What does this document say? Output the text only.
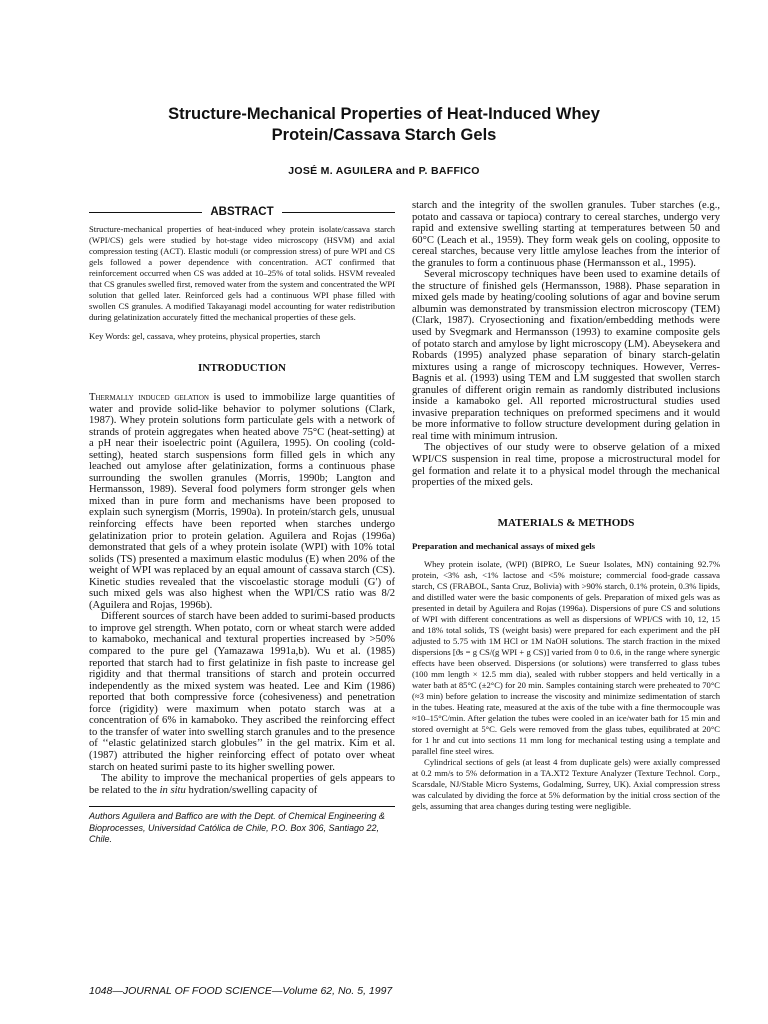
Structure-Mechanical Properties of Heat-Induced Whey
Protein/Cassava Starch Gels
JOSÉ M. AGUILERA and P. BAFFICO
ABSTRACT

Structure-mechanical properties of heat-induced whey protein isolate/cassava starch (WPI/CS) gels were studied by hot-stage video microscopy (HSVM) and axial compression testing (ACT). Elastic moduli (or compression stress) of pure WPI and CS gels followed a power dependence with concentration. ACT confirmed that reinforcement occurred when CS was added at 10–25% of total solids. HSVM revealed that CS granules swelled first, removed water from the system and concentrated the WPI solution that gelled later. Reinforced gels had a continuous WPI phase filled with swollen CS granules. A modified Takayanagi model accounting for water redistribution during gelatinization accurately fitted the mechanical properties of these gels.

Key Words: gel, cassava, whey proteins, physical properties, starch

INTRODUCTION

Thermally induced gelation is used to immobilize large quantities of water and provide solid-like behavior to polymer solutions (Clark, 1987). Whey protein solutions form particulate gels with a network of strands of protein aggregates when heated above 75°C (heat-setting) at a pH near their isoelectric point (Aguilera, 1995). On cooling (cold-setting), heated starch suspensions form filled gels in which any leached out amylose after gelatinization, forms a continuous phase surrounding the swollen granules (Morris, 1990b; Langton and Hermansson, 1989). Several food polymers form stronger gels when mixed than in pure form and mechanisms have been proposed to explain such synergism (Morris, 1990a). In protein/starch gels, unusual reinforcing effects have been reported when starches undergo gelatinization prior to protein gelation. Aguilera and Rojas (1996a) demonstrated that gels of a whey protein isolate (WPI) with 10% total solids (TS) presented a maximum elastic modulus (E) when 20% of the weight of WPI was replaced by an equal amount of cassava starch (CS). Kinetic studies revealed that the viscoelastic storage moduli (G′) of such mixed gels was also highest when the WPI/CS ratio was 8/2 (Aguilera and Rojas, 1996b).

Different sources of starch have been added to surimi-based products to improve gel strength. When potato, corn or wheat starch were added to kamaboko, mechanical and textural properties increased by >50% compared to the pure gel (Yamazawa 1991a,b). Wu et al. (1985) reported that starch had to first gelatinize in fish paste to increase gel rigidity and that thermal transitions of starch and protein occurred independently as the mixed system was heated. Lee and Kim (1986) reported that both compressive force (cohesiveness) and penetration force (rigidity) were maximum when potato starch was at a concentration of 6% in kamaboko. They ascribed the reinforcing effect to the transfer of water into swelling starch granules and to the presence of ‘‘elastic gelatinized starch globules’’ in the gel matrix. Kim et al. (1987) attributed the higher reinforcing effect of potato over wheat starch on heated surimi paste to its higher swelling power.

The ability to improve the mechanical properties of gels appears to be related to the in situ hydration/swelling capacity of

Authors Aguilera and Baffico are with the Dept. of Chemical Engineering & Bioprocesses, Universidad Católica de Chile, P.O. Box 306, Santiago 22, Chile.

starch and the integrity of the swollen granules. Tuber starches (e.g., potato and cassava or tapioca) contrary to cereal starches, undergo very rapid and extensive swelling starting at temperatures between 50 and 60°C (Leach et al., 1959). They form weak gels on cooling, opposite to cereal starches, because very little amylose leaches from the interior of the granules to form a continuous phase (Hermansson et al., 1995).

Several microscopy techniques have been used to examine details of the structure of finished gels (Hermansson, 1988). Phase separation in mixed gels made by heating/cooling solutions of agar and bovine serum albumin was demonstrated by transmission electron microscopy (TEM) (Clark, 1987). Cryosectioning and fixation/embedding methods were used by Svegmark and Hermansson (1993) to examine composite gels of potato starch and amylose by light microscopy (LM). Abeysekera and Robards (1995) analyzed phase separation of binary starch-gelatin mixtures using a range of microscopy techniques. However, Verres-Bagnis et al. (1993) using TEM and LM suggested that swollen starch granules of different origin remain as randomly distributed inclusions inside a kamaboko gel. All reported microstructural studies used invasive preparation techniques on preformed specimens and it would be more informative to follow structure development during gelation in real time with minimum intrusion.

The objectives of our study were to observe gelation of a mixed WPI/CS suspension in real time, propose a microstructural model for gel formation and relate it to a physical model through the mechanical properties of the mixed gels.

MATERIALS & METHODS
Preparation and mechanical assays of mixed gels

Whey protein isolate, (WPI) (BIPRO, Le Sueur Isolates, MN) containing 92.7% protein, <3% ash, <1% lactose and <5% moisture; commercial food-grade cassava starch, CS (FRABOL, Santa Cruz, Bolivia) with >90% starch, 0.1% protein, 0.3% lipids, and distilled water were the basic components of gels. Preparation of mixed gels was as presented in detail by Aguilera and Rojas (1996a). Dispersions of pure CS and solutions of WPI with different concentrations as well as dispersions of WPI/CS with 10, 12, 15 and 18% total solids, TS (weight basis) were prepared for each experiment and the pH adjusted to 5.75 with 1M HCl or 1M NaOH solutions. The starch fraction in the mixed dispersions [ϑs = g CS/(g WPI + g CS)] varied from 0 to 0.6, in the range where synergic effects have been observed. Dispersions (or solutions) were transferred to glass tubes (100 mm length × 12.5 mm dia), sealed with rubber stoppers and held vertically in a water bath at 85°C (±2°C) for 20 min. Samples containing starch were preheated to 70°C (≈3 min) before gelation to increase the viscosity and minimize sedimentation of starch in the tubes. Heating rate, measured at the axis of the tube with a fine thermocouple was ≈10–15°C/min. After gelation the tubes were cooled in an ice/water bath for 15 min and stored overnight at 5°C. Gels were removed from the glass tubes, equilibrated at 20°C for 1 hr and cut into sections 11 mm long for mechanical testing using a template and parallel fine steel wires.

Cylindrical sections of gels (at least 4 from duplicate gels) were axially compressed at 0.2 mm/s to 5% deformation in a TA.XT2 Texture Analyzer (Texture Technol. Corp., Scarsdale, NJ/Stable Micro Systems, Godalming, Surrey, UK). Axial compression stress was calculated by dividing the force at 5% deformation by the initial cross section of the gels, assuming that area changes during testing were negligible.

1048—JOURNAL OF FOOD SCIENCE—Volume 62, No. 5, 1997
